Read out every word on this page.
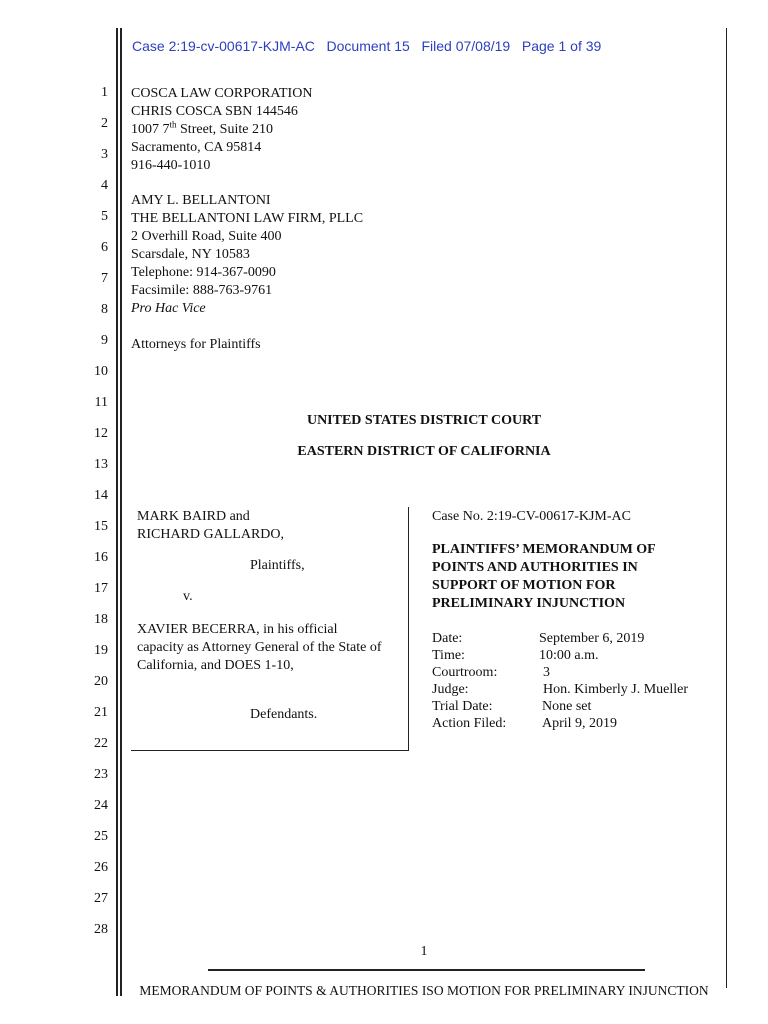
Case 2:19-cv-00617-KJM-AC Document 15 Filed 07/08/19 Page 1 of 39
1
2
3
4
5
6
7
8
9
10
11
12
13
14
15
16
17
18
19
20
21
22
23
24
25
26
27
28
COSCA LAW CORPORATION
CHRIS COSCA SBN 144546
1007 7th Street, Suite 210
Sacramento, CA 95814
916-440-1010
AMY L. BELLANTONI
THE BELLANTONI LAW FIRM, PLLC
2 Overhill Road, Suite 400
Scarsdale, NY 10583
Telephone: 914-367-0090
Facsimile: 888-763-9761
Pro Hac Vice
Attorneys for Plaintiffs
UNITED STATES DISTRICT COURT
EASTERN DISTRICT OF CALIFORNIA
MARK BAIRD and
RICHARD GALLARDO,
Plaintiffs,
v.
XAVIER BECERRA, in his official
capacity as Attorney General of the State of
California, and DOES 1-10,
Defendants.
Case No. 2:19-CV-00617-KJM-AC
PLAINTIFFS’ MEMORANDUM OF
POINTS AND AUTHORITIES IN
SUPPORT OF MOTION FOR
PRELIMINARY INJUNCTION
Date:	September 6, 2019
Time:	10:00 a.m.
Courtroom:	3
Judge:	Hon. Kimberly J. Mueller
Trial Date:	None set
Action Filed:	April 9, 2019
1
MEMORANDUM OF POINTS & AUTHORITIES ISO MOTION FOR PRELIMINARY INJUNCTION
